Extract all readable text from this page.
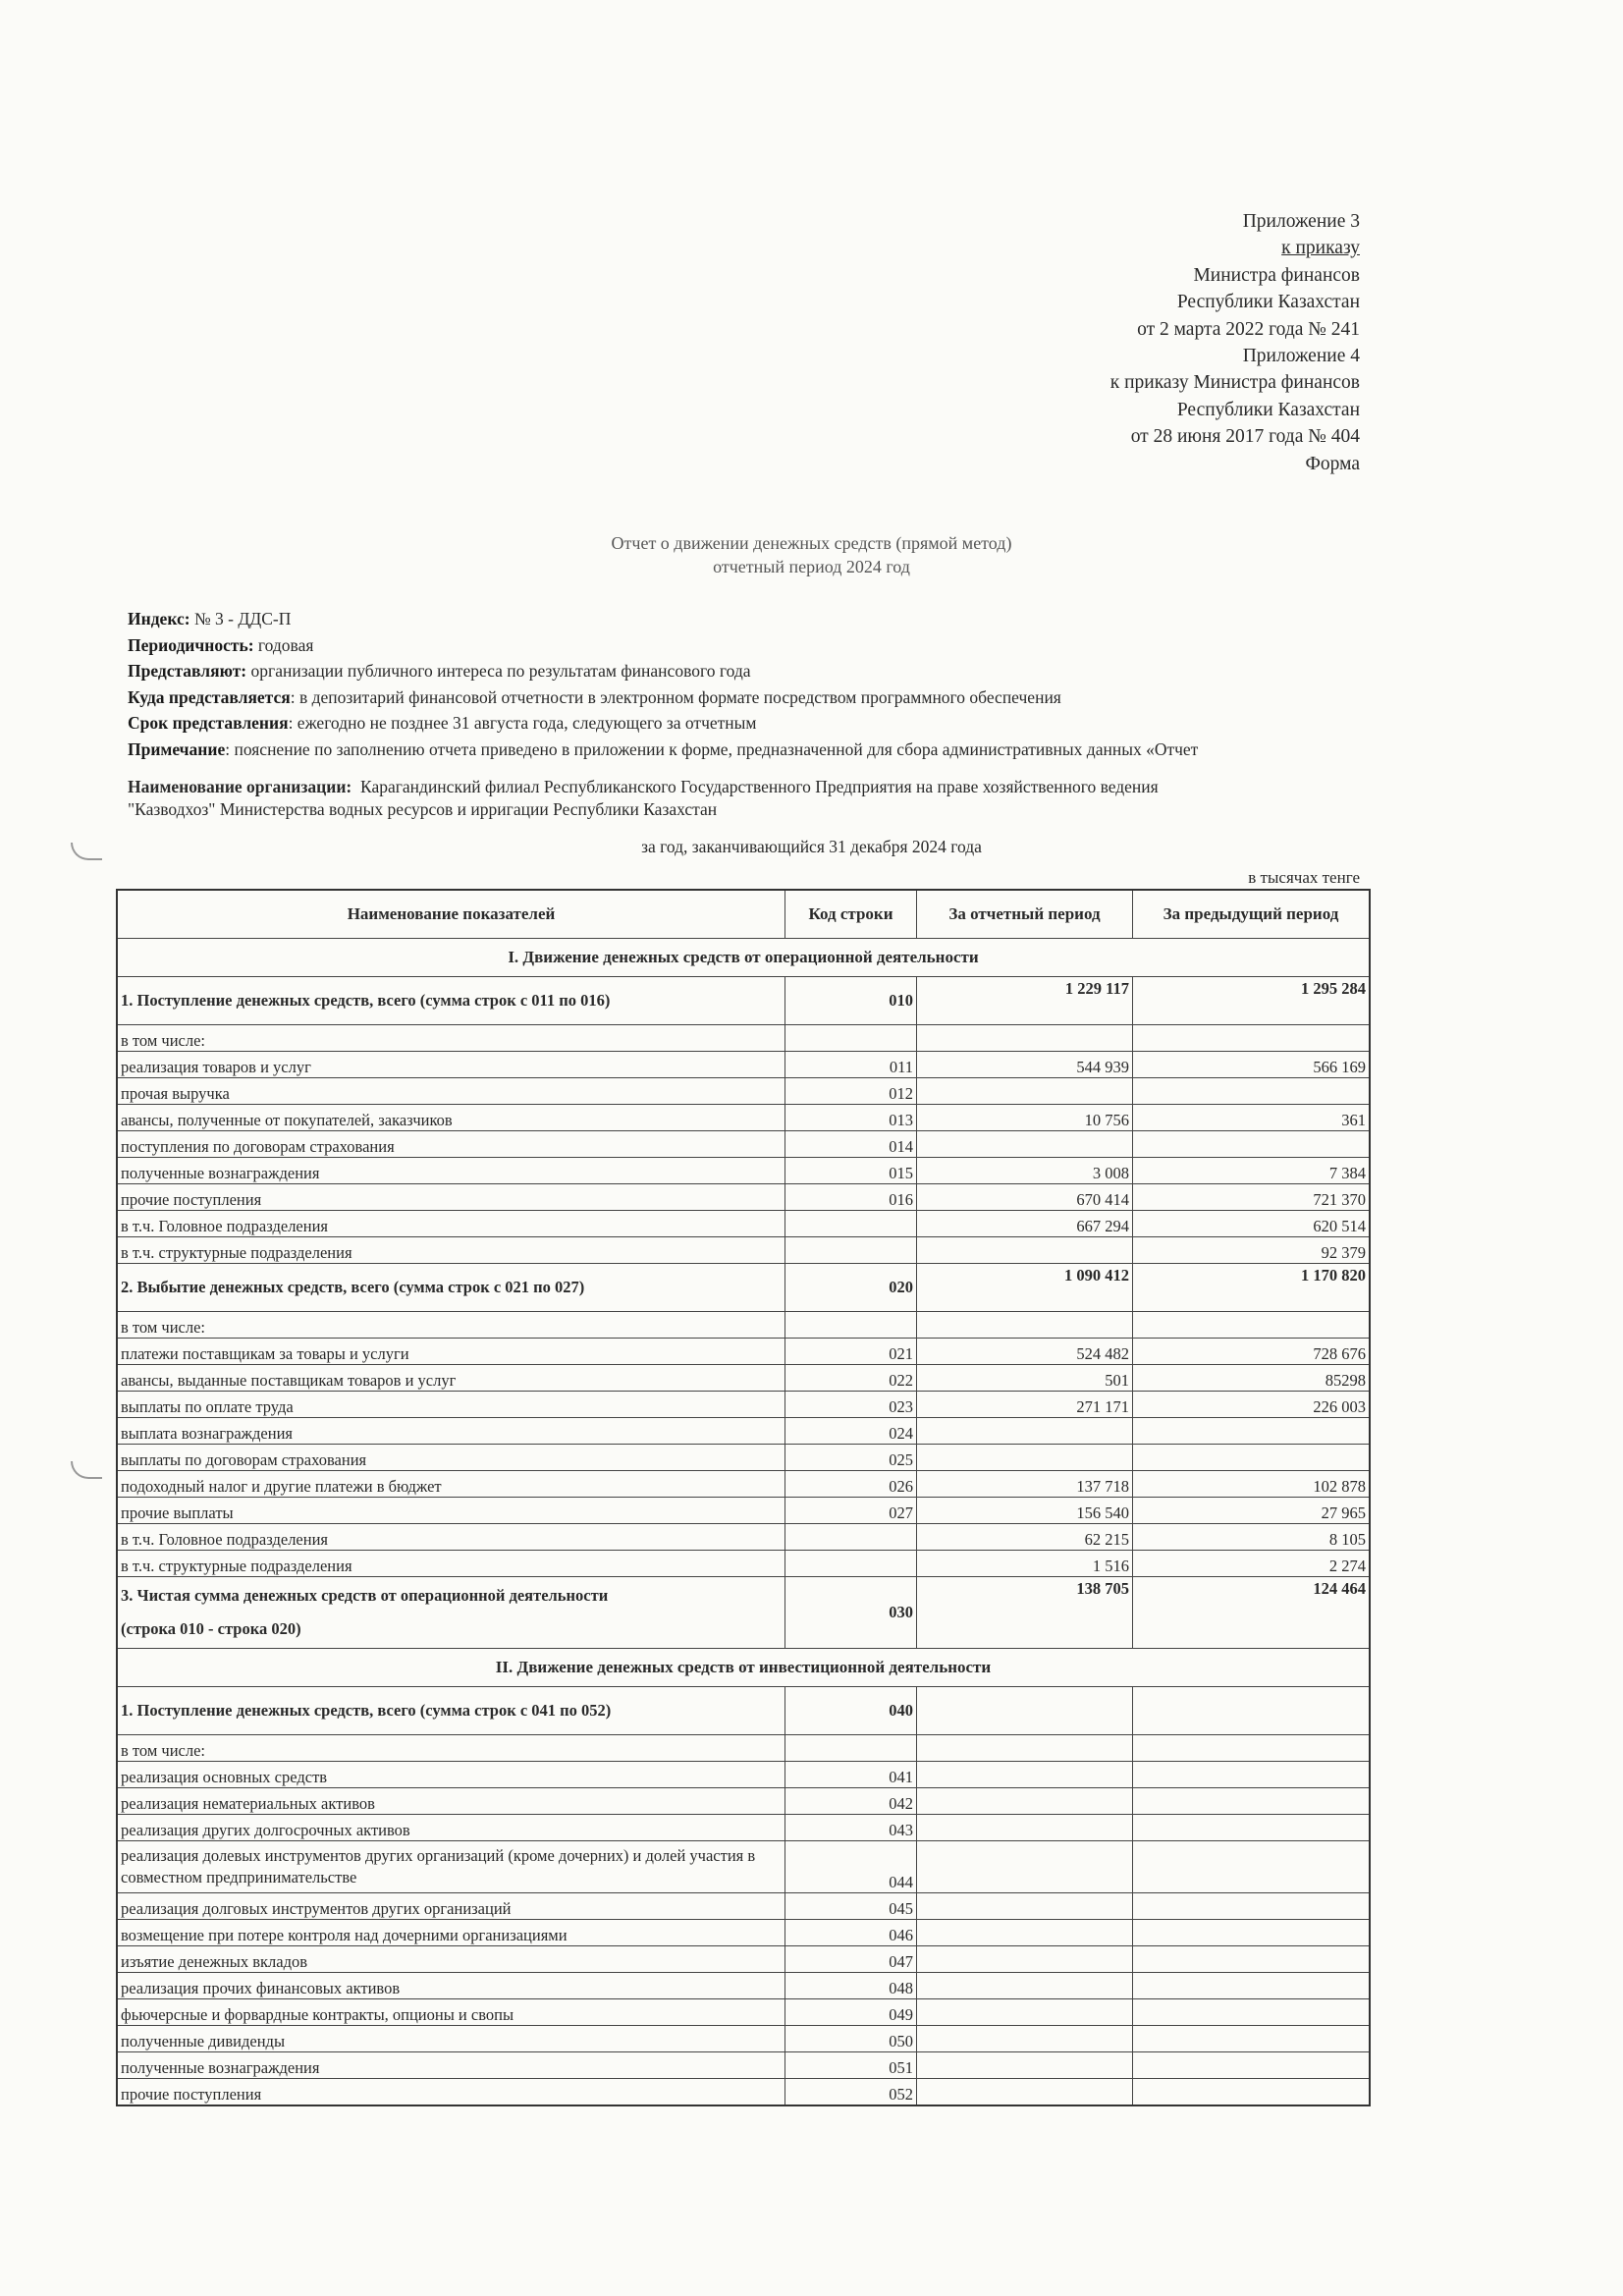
Приложение 3
к приказу
Министра финансов
Республики Казахстан
от 2 марта 2022 года № 241
Приложение 4
к приказу Министра финансов
Республики Казахстан
от 28 июня 2017 года № 404
Форма
Отчет о движении денежных средств (прямой метод)
отчетный период 2024 год
Индекс: № 3 - ДДС-П
Периодичность: годовая
Представляют: организации публичного интереса по результатам финансового года
Куда представляется: в депозитарий финансовой отчетности в электронном формате посредством программного обеспечения
Срок представления: ежегодно не позднее 31 августа года, следующего за отчетным
Примечание: пояснение по заполнению отчета приведено в приложении к форме, предназначенной для сбора административных данных «Отчет
Наименование организации: Карагандинский филиал Республиканского Государственного Предприятия на праве хозяйственного ведения
"Казводхоз" Министерства водных ресурсов и ирригации Республики Казахстан
за год, заканчивающийся 31 декабря 2024 года
в тысячах тенге
Наименование показателей	Код строки	За отчетный период	За предыдущий период
I. Движение денежных средств от операционной деятельности			
1. Поступление денежных средств, всего (сумма строк с 011 по 016)	010	1 229 117	1 295 284
в том числе:			
реализация товаров и услуг	011	544 939	566 169
прочая выручка	012		
авансы, полученные от покупателей, заказчиков	013	10 756	361
поступления по договорам страхования	014		
полученные вознаграждения	015	3 008	7 384
прочие поступления	016	670 414	721 370
в т.ч. Головное подразделения		667 294	620 514
в т.ч. структурные подразделения			92 379
2. Выбытие денежных средств, всего (сумма строк с 021 по 027)	020	1 090 412	1 170 820
в том числе:			
платежи поставщикам за товары и услуги	021	524 482	728 676
авансы, выданные поставщикам товаров и услуг	022	501	85298
выплаты по оплате труда	023	271 171	226 003
выплата вознаграждения	024		
выплаты по договорам страхования	025		
подоходный налог и другие платежи в бюджет	026	137 718	102 878
прочие выплаты	027	156 540	27 965
в т.ч. Головное подразделения		62 215	8 105
в т.ч. структурные подразделения		1 516	2 274

3. Чистая сумма денежных средств от операционной деятельности
(строка 010 - строка 020)	030	138 705	124 464
II. Движение денежных средств от инвестиционной деятельности			
1. Поступление денежных средств, всего (сумма строк с 041 по 052)	040		
в том числе:			
реализация основных средств	041		
реализация нематериальных активов	042		
реализация других долгосрочных активов	043		
реализация долевых инструментов других организаций (кроме дочерних) и долей участия в совместном предпринимательстве	044		
реализация долговых инструментов других организаций	045		
возмещение при потере контроля над дочерними организациями	046		
изъятие денежных вкладов	047		
реализация прочих финансовых активов	048		
фьючерсные и форвардные контракты, опционы и свопы	049		
полученные дивиденды	050		
полученные вознаграждения	051		
прочие поступления	052		
